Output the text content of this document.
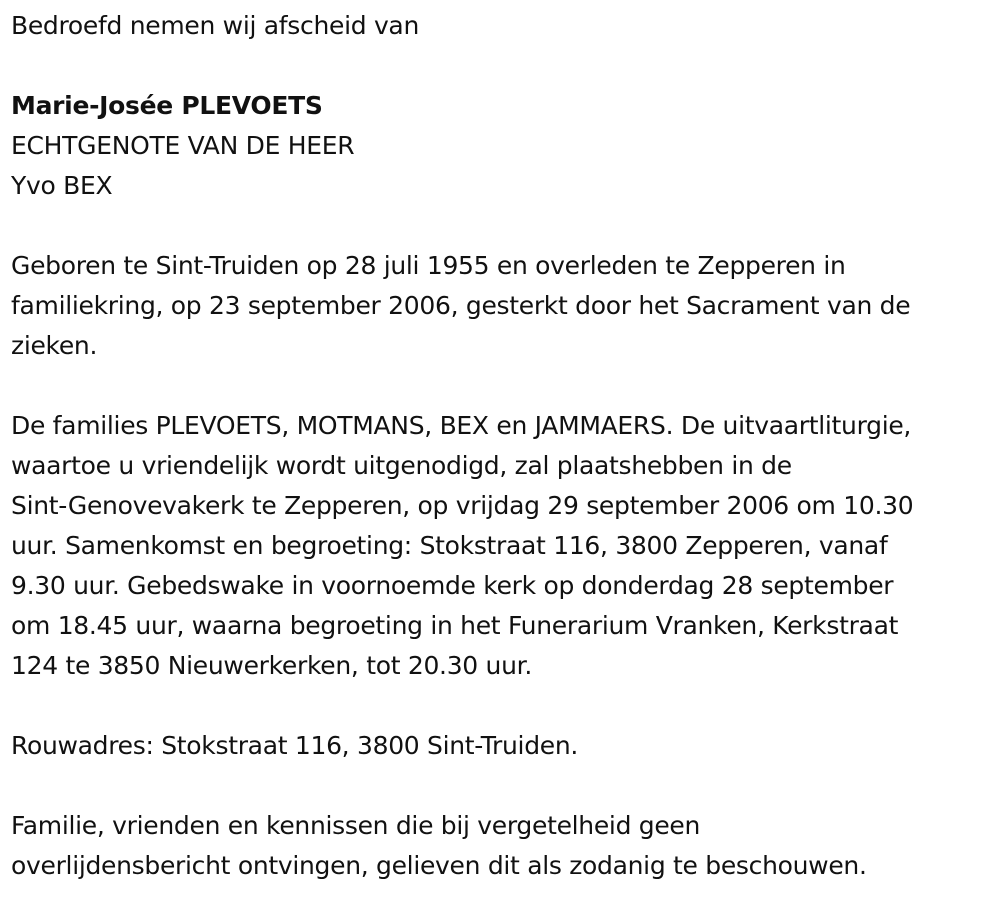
Bedroefd nemen wij afscheid van
Marie-Josée PLEVOETS
ECHTGENOTE VAN DE HEER
Yvo BEX
Geboren te Sint-Truiden op 28 juli 1955 en overleden te Zepperen in
familiekring, op 23 september 2006, gesterkt door het Sacrament van de
zieken.
De families PLEVOETS, MOTMANS, BEX en JAMMAERS. De uitvaartliturgie,
waartoe u vriendelijk wordt uitgenodigd, zal plaatshebben in de
Sint-Genovevakerk te Zepperen, op vrijdag 29 september 2006 om 10.30
uur. Samenkomst en begroeting: Stokstraat 116, 3800 Zepperen, vanaf
9.30 uur. Gebedswake in voornoemde kerk op donderdag 28 september
om 18.45 uur, waarna begroeting in het Funerarium Vranken, Kerkstraat
124 te 3850 Nieuwerkerken, tot 20.30 uur.
Rouwadres: Stokstraat 116, 3800 Sint-Truiden.
Familie, vrienden en kennissen die bij vergetelheid geen
overlijdensbericht ontvingen, gelieven dit als zodanig te beschouwen.
